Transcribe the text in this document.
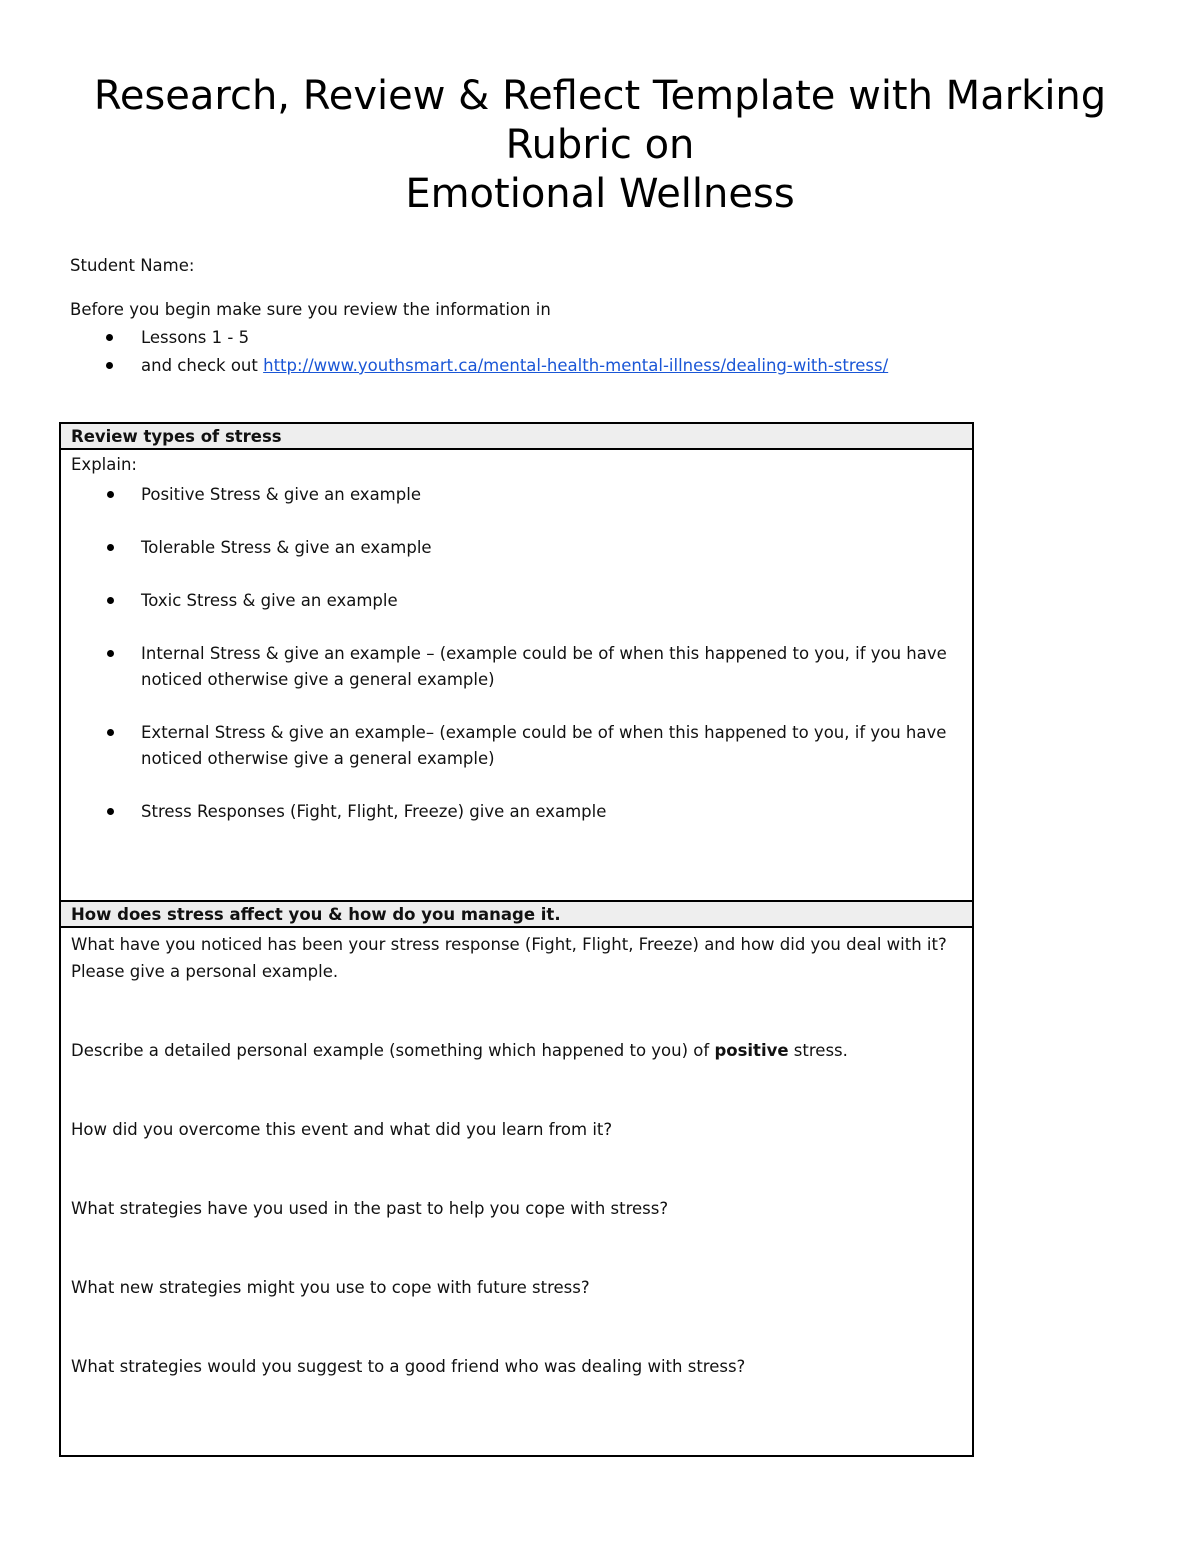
Research, Review & Reflect Template with Marking
Rubric on
Emotional Wellness

Student Name:

Before you begin make sure you review the information in

Lessons 1 - 5
and check out http://www.youthsmart.ca/mental-health-mental-illness/dealing-with-stress/
Review types of stress
Explain:
Positive Stress & give an example
Tolerable Stress & give an example
Toxic Stress & give an example
Internal Stress & give an example – (example could be of when this happened to you, if you have noticed otherwise give a general example)
External Stress & give an example– (example could be of when this happened to you, if you have noticed otherwise give a general example)
Stress Responses (Fight, Flight, Freeze) give an example
How does stress affect you & how do you manage it.
What have you noticed has been your stress response (Fight, Flight, Freeze) and how did you deal with it? Please give a personal example.
Describe a detailed personal example (something which happened to you) of positive stress.
How did you overcome this event and what did you learn from it?
What strategies have you used in the past to help you cope with stress?
What new strategies might you use to cope with future stress?
What strategies would you suggest to a good friend who was dealing with stress?
